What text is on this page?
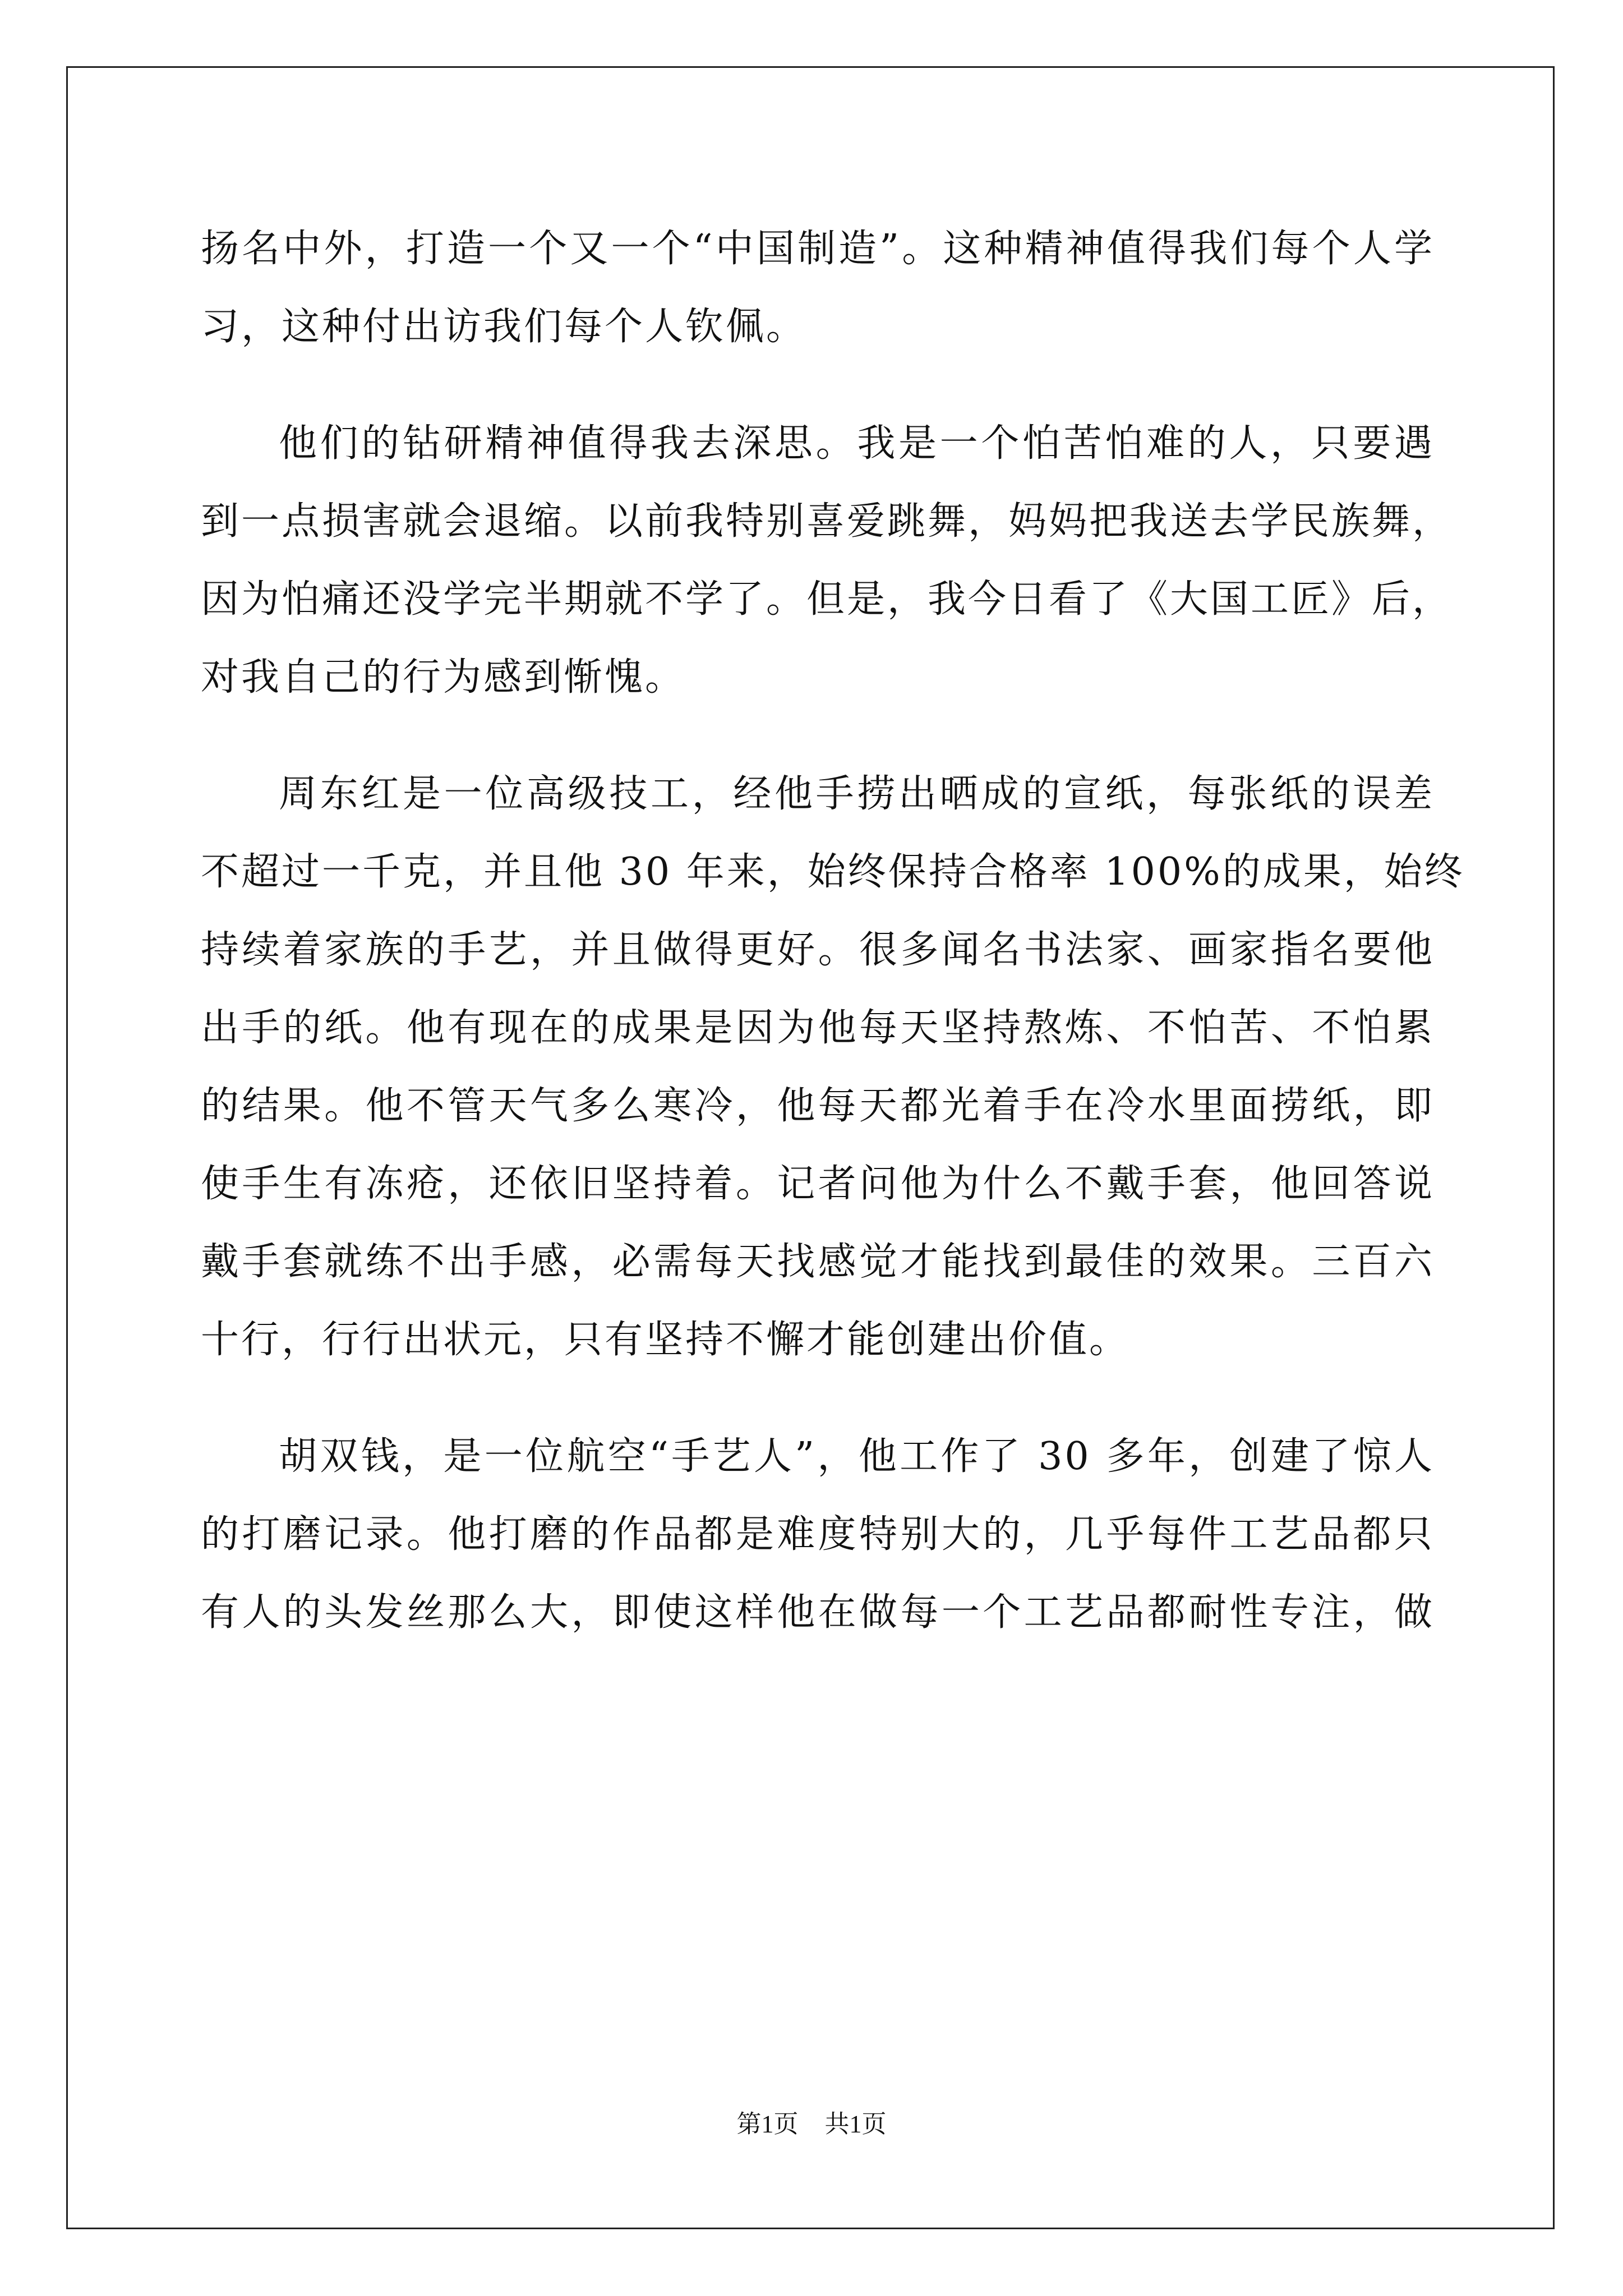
扬名中外，打造一个又一个“中国制造”。这种精神值得我们每个人学
习，这种付出访我们每个人钦佩。
他们的钻研精神值得我去深思。我是一个怕苦怕难的人，只要遇
到一点损害就会退缩。以前我特别喜爱跳舞，妈妈把我送去学民族舞，
因为怕痛还没学完半期就不学了。但是，我今日看了《大国工匠》后，
对我自己的行为感到惭愧。
周东红是一位高级技工，经他手捞出晒成的宣纸，每张纸的误差
不超过一千克，并且他 30 年来，始终保持合格率 100%的成果，始终
持续着家族的手艺，并且做得更好。很多闻名书法家、画家指名要他
出手的纸。他有现在的成果是因为他每天坚持熬炼、不怕苦、不怕累
的结果。他不管天气多么寒冷，他每天都光着手在冷水里面捞纸，即
使手生有冻疮，还依旧坚持着。记者问他为什么不戴手套，他回答说
戴手套就练不出手感，必需每天找感觉才能找到最佳的效果。三百六
十行，行行出状元，只有坚持不懈才能创建出价值。
胡双钱，是一位航空“手艺人”，他工作了 30 多年，创建了惊人
的打磨记录。他打磨的作品都是难度特别大的，几乎每件工艺品都只
有人的头发丝那么大，即使这样他在做每一个工艺品都耐性专注，做
第1页 共1页
